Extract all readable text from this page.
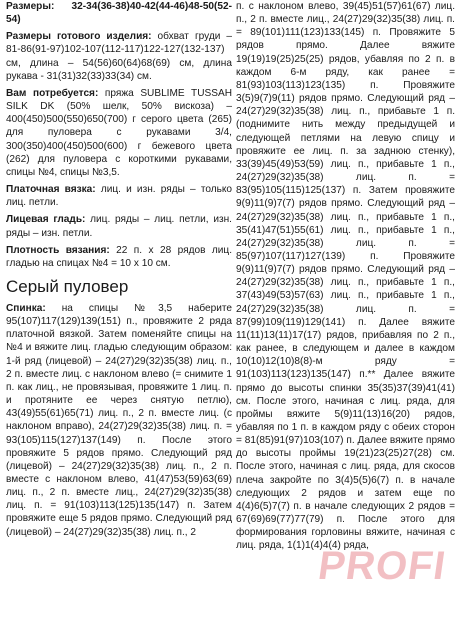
Размеры: 32-34(36-38)40-42(44-46)48-50(52-54)

Размеры готового изделия: обхват груди – 81-86(91-97)102-107(112-117)122-127(132-137) см, длина – 54(56)60(64)68(69) см, длина рукава - 31(31)32(33)33(34) см.

Вам потребуется: пряжа SUBLIME TUSSAH SILK DK (50% шелк, 50% вискоза) – 400(450)500(550)650(700) г серого цвета (265) для пуловера с рукавами 3/4, 300(350)400(450)500(600) г бежевого цвета (262) для пуловера с короткими рукавами, спицы №4, спицы №3,5.

Платочная вязка: лиц. и изн. ряды – только лиц. петли.

Лицевая гладь: лиц. ряды – лиц. петли, изн. ряды – изн. петли.

Плотность вязания: 22 п. x 28 рядов лиц. гладью на спицах №4 = 10 x 10 см.

Серый пуловер

Спинка: на спицы №3,5 наберите 95(107)117(129)139(151) п., провяжите 2 ряда платочной вязкой. Затем поменяйте спицы на №4 и вяжите лиц. гладью следующим образом: 1-й ряд (лицевой) – 24(27)29(32)35(38) лиц. п., 2 п. вместе лиц. с наклоном влево (= снимите 1 п. как лиц., не провязывая, провяжите 1 лиц. п. и протяните ее через снятую петлю), 43(49)55(61)65(71) лиц. п., 2 п. вместе лиц. (с наклоном вправо), 24(27)29(32)35(38) лиц. п. = 93(105)115(127)137(149) п. После этого провяжите 5 рядов прямо. Следующий ряд (лицевой) – 24(27)29(32)35(38) лиц. п., 2 п. вместе с наклоном влево, 41(47)53(59)63(69) лиц. п., 2 п. вместе лиц., 24(27)29(32)35(38) лиц. п. = 91(103)113(125)135(147) п. Затем провяжите еще 5 рядов прямо. Следующий ряд (лицевой) – 24(27)29(32)35(38) лиц. п., 2

п. с наклоном влево, 39(45)51(57)61(67) лиц. п., 2 п. вместе лиц., 24(27)29(32)35(38) лиц. п. = 89(101)111(123)133(145) п. Провяжите 5 рядов прямо. Далее вяжите 19(19)19(25)25(25) рядов, убавляя по 2 п. в каждом 6-м ряду, как ранее = 81(93)103(113)123(135) п. Провяжите 3(5)9(7)9(11) рядов прямо. Следующий ряд – 24(27)29(32)35(38) лиц. п., прибавьте 1 п. (поднимите нить между предыдущей и следующей петлями на левую спицу и провяжите ее лиц. п. за заднюю стенку), 33(39)45(49)53(59) лиц. п., прибавьте 1 п., 24(27)29(32)35(38) лиц. п. = 83(95)105(115)125(137) п. Затем провяжите 9(9)11(9)7(7) рядов прямо. Следующий ряд – 24(27)29(32)35(38) лиц. п., прибавьте 1 п., 35(41)47(51)55(61) лиц. п., прибавьте 1 п., 24(27)29(32)35(38) лиц. п. = 85(97)107(117)127(139) п. Провяжите 9(9)11(9)7(7) рядов прямо. Следующий ряд – 24(27)29(32)35(38) лиц. п., прибавьте 1 п., 37(43)49(53)57(63) лиц. п., прибавьте 1 п., 24(27)29(32)35(38) лиц. п. = 87(99)109(119)129(141) п. Далее вяжите 11(11)13(11)17(17) рядов, прибавляя по 2 п., как ранее, в следующем и далее в каждом 10(10)12(10)8(8)-м ряду = 91(103)113(123)135(147) п.** Далее вяжите прямо до высоты спинки 35(35)37(39)41(41) см. После этого, начиная с лиц. ряда, для проймы вяжите 5(9)11(13)16(20) рядов, убавляя по 1 п. в каждом ряду с обеих сторон = 81(85)91(97)103(107) п. Далее вяжите прямо до высоты проймы 19(21)23(25)27(28) см. После этого, начиная с лиц. ряда, для скосов плеча закройте по 3(4)5(5)6(7) п. в начале следующих 2 рядов и затем еще по 4(4)6(5)7(7) п. в начале следующих 2 рядов = 67(69)69(77)77(79) п. После этого для формирования горловины вяжите, начиная с лиц. ряда, 1(1)1(4)4(4) ряда,

PROFI
